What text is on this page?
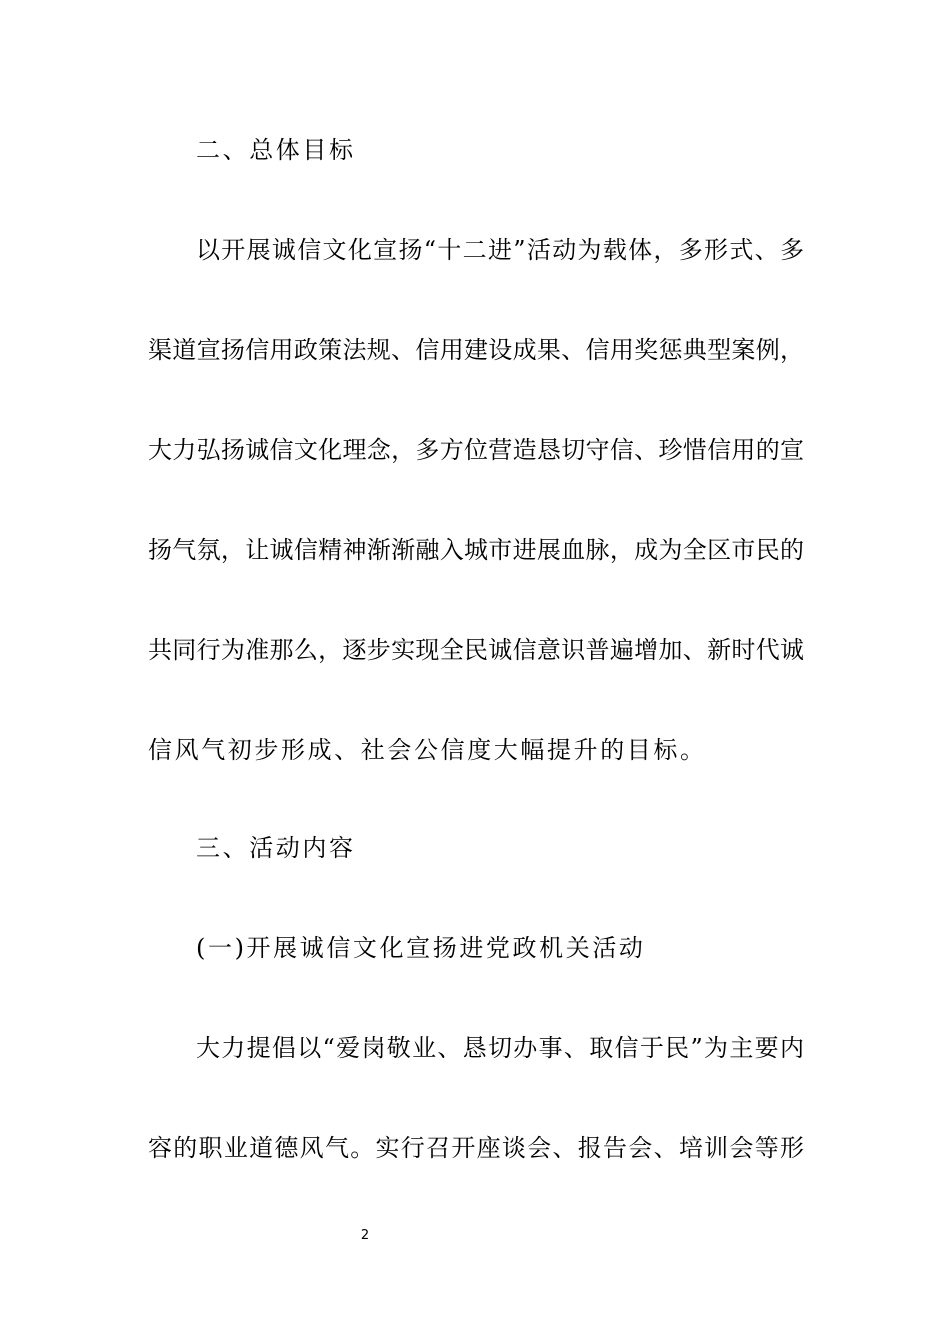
二、总体目标
以开展诚信文化宣扬“十二进”活动为载体，多形式、多
渠道宣扬信用政策法规、信用建设成果、信用奖惩典型案例，
大力弘扬诚信文化理念，多方位营造恳切守信、珍惜信用的宣
扬气氛，让诚信精神渐渐融入城市进展血脉，成为全区市民的
共同行为准那么，逐步实现全民诚信意识普遍增加、新时代诚
信风气初步形成、社会公信度大幅提升的目标。
三、活动内容
(一)开展诚信文化宣扬进党政机关活动
大力提倡以“爱岗敬业、恳切办事、取信于民”为主要内
容的职业道德风气。实行召开座谈会、报告会、培训会等形
2
